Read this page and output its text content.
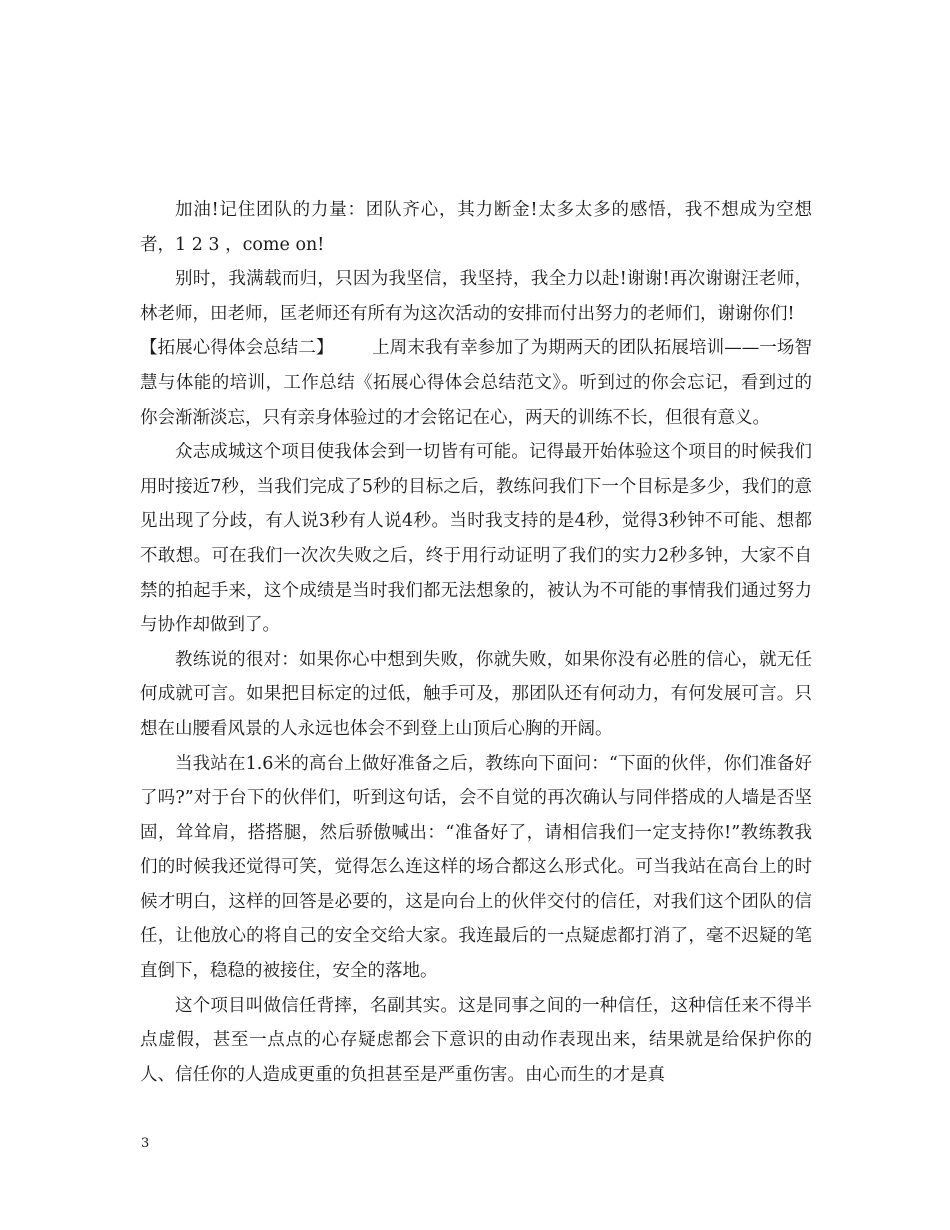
加油!记住团队的力量：团队齐心，其力断金!太多太多的感悟，我不想成为空想者，1 2 3 ，come on!

别时，我满载而归，只因为我坚信，我坚持，我全力以赴!谢谢!再次谢谢汪老师，林老师，田老师，匡老师还有所有为这次活动的安排而付出努力的老师们，谢谢你们!

【拓展心得体会总结二】 上周末我有幸参加了为期两天的团队拓展培训——一场智慧与体能的培训，工作总结《拓展心得体会总结范文》。听到过的你会忘记，看到过的你会渐渐淡忘，只有亲身体验过的才会铭记在心，两天的训练不长，但很有意义。

众志成城这个项目使我体会到一切皆有可能。记得最开始体验这个项目的时候我们用时接近7秒，当我们完成了5秒的目标之后，教练问我们下一个目标是多少，我们的意见出现了分歧，有人说3秒有人说4秒。当时我支持的是4秒，觉得3秒钟不可能、想都不敢想。可在我们一次次失败之后，终于用行动证明了我们的实力2秒多钟，大家不自禁的拍起手来，这个成绩是当时我们都无法想象的，被认为不可能的事情我们通过努力与协作却做到了。

教练说的很对：如果你心中想到失败，你就失败，如果你没有必胜的信心，就无任何成就可言。如果把目标定的过低，触手可及，那团队还有何动力，有何发展可言。只想在山腰看风景的人永远也体会不到登上山顶后心胸的开阔。

当我站在1.6米的高台上做好准备之后，教练向下面问：“下面的伙伴，你们准备好了吗?”对于台下的伙伴们，听到这句话，会不自觉的再次确认与同伴搭成的人墙是否坚固，耸耸肩，搭搭腿，然后骄傲喊出：“准备好了，请相信我们一定支持你!”教练教我们的时候我还觉得可笑，觉得怎么连这样的场合都这么形式化。可当我站在高台上的时候才明白，这样的回答是必要的，这是向台上的伙伴交付的信任，对我们这个团队的信任，让他放心的将自己的安全交给大家。我连最后的一点疑虑都打消了，毫不迟疑的笔直倒下，稳稳的被接住，安全的落地。

这个项目叫做信任背摔，名副其实。这是同事之间的一种信任，这种信任来不得半点虚假，甚至一点点的心存疑虑都会下意识的由动作表现出来，结果就是给保护你的人、信任你的人造成更重的负担甚至是严重伤害。由心而生的才是真

3
